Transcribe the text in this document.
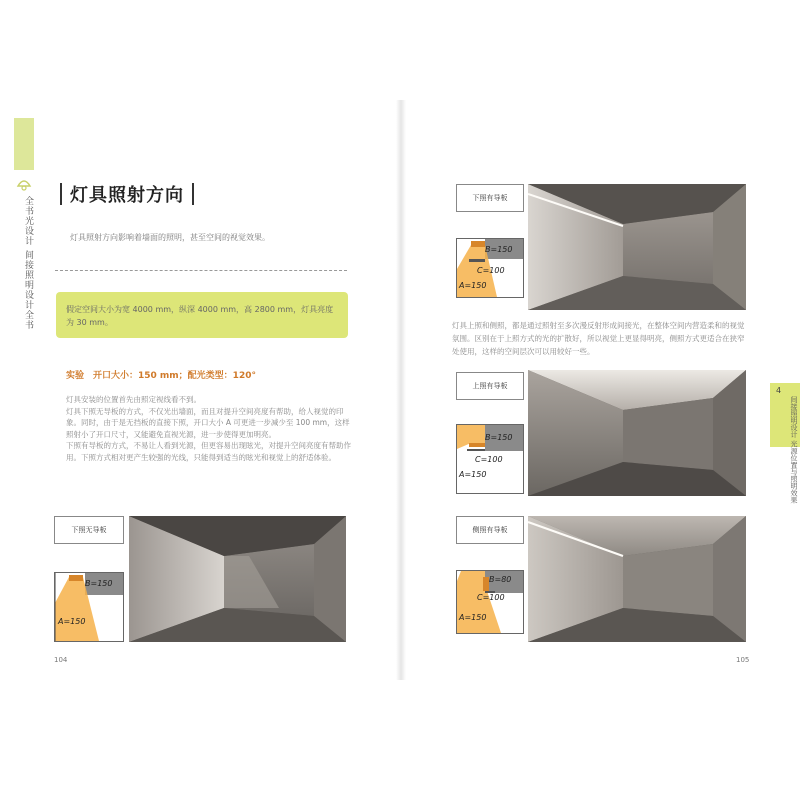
全书光设计 间接照明设计全书
灯具照射方向
灯具照射方向影响着墙面的照明，甚至空间的视觉效果。
假定空间大小为宽 4000 mm，纵深 4000 mm，高 2800 mm，灯具亮度为 30 mm。
实验　开口大小：150 mm；配光类型：120°

灯具安装的位置首先由照定视线看不到。

灯具下照无导板的方式，不仅光出墙面，而且对提升空间亮度有帮助，给人视觉的印象。同时，由于是无挡板的直接下照，开口大小 A 可更进一步减少至 100 mm，这样照射小了开口尺寸，又能避免直视光源，进一步使得更加明亮。

下照有导板的方式，不易让人看到光源，但更容易出现眩光，对提升空间亮度有帮助作用。下照方式相对更产生较强的光线，只能得到适当的眩光和视觉上的舒适体验。

下照无导板
B=150
A=150
104
下照有导板
B=150
C=100
A=150
灯具上照和侧照，都是通过照射至多次漫反射形成间接光，在整体空间内营造柔和的视觉氛围。区别在于上照方式的光的扩散好，所以视觉上更显得明亮，侧照方式更适合在狭窄处使用，这样的空间层次可以用较好一些。
上照有导板
B=150
C=100
A=150
侧照有导板
B=80
C=100
A=150
4
间接照明设计 光源位置与照明效果
105
